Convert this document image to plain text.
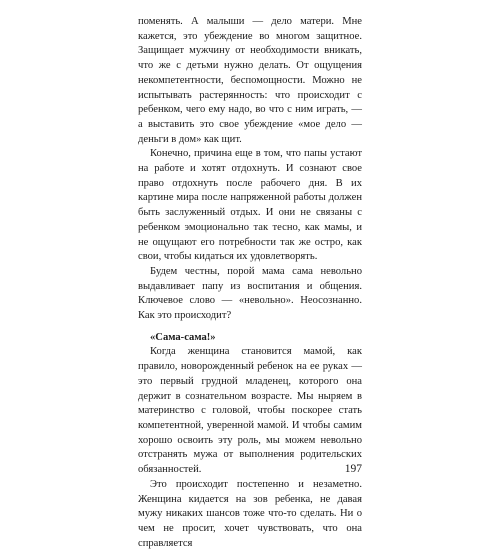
поменять. А малыши — дело матери. Мне кажется, это убеждение во многом защитное. Защищает мужчину от необходимости вникать, что же с детьми нужно делать. От ощущения некомпетентности, беспомощности. Можно не испытывать растерянность: что происходит с ребенком, чего ему надо, во что с ним играть, — а выставить это свое убеждение «мое дело — деньги в дом» как щит.

Конечно, причина еще в том, что папы устают на работе и хотят отдохнуть. И сознают свое право отдохнуть после рабочего дня. В их картине мира после напряженной работы должен быть заслуженный отдых. И они не связаны с ребенком эмоционально так тесно, как мамы, и не ощущают его потребности так же остро, как свои, чтобы кидаться их удовлетворять.

Будем честны, порой мама сама невольно выдавливает папу из воспитания и общения. Ключевое слово — «невольно». Неосознанно. Как это происходит?

«Сама-сама!»

Когда женщина становится мамой, как правило, новорожденный ребенок на ее руках — это первый грудной младенец, которого она держит в сознательном возрасте. Мы ныряем в материнство с головой, чтобы поскорее стать компетентной, уверенной мамой. И чтобы самим хорошо освоить эту роль, мы можем невольно отстранять мужа от выполнения родительских обязанностей.

Это происходит постепенно и незаметно. Женщина кидается на зов ребенка, не давая мужу никаких шансов тоже что-то сделать. Ни о чем не просит, хочет чувствовать, что она справляется

197
